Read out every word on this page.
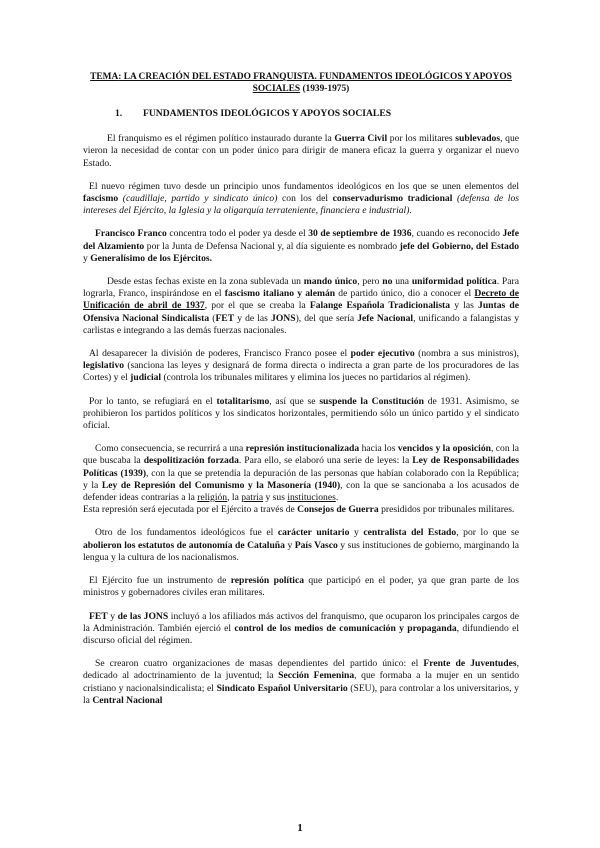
TEMA: LA CREACIÓN DEL ESTADO FRANQUISTA. FUNDAMENTOS IDEOLÓGICOS Y APOYOS SOCIALES (1939-1975)
1. FUNDAMENTOS IDEOLÓGICOS Y APOYOS SOCIALES

El franquismo es el régimen político instaurado durante la Guerra Civil por los militares sublevados, que vieron la necesidad de contar con un poder único para dirigir de manera eficaz la guerra y organizar el nuevo Estado.

El nuevo régimen tuvo desde un principio unos fundamentos ideológicos en los que se unen elementos del fascismo (caudillaje, partido y sindicato único) con los del conservadurismo tradicional (defensa de los intereses del Ejército, la Iglesia y la oligarquía terrateniente, financiera e industrial).

Francisco Franco concentra todo el poder ya desde el 30 de septiembre de 1936, cuando es reconocido Jefe del Alzamiento por la Junta de Defensa Nacional y, al día siguiente es nombrado jefe del Gobierno, del Estado y Generalísimo de los Ejércitos.

Desde estas fechas existe en la zona sublevada un mando único, pero no una uniformidad política. Para lograrla, Franco, inspirándose en el fascismo italiano y alemán de partido único, dio a conocer el Decreto de Unificación de abril de 1937, por el que se creaba la Falange Española Tradicionalista y las Juntas de Ofensiva Nacional Sindicalista (FET y de las JONS), del que sería Jefe Nacional, unificando a falangistas y carlistas e integrando a las demás fuerzas nacionales.

Al desaparecer la división de poderes, Francisco Franco posee el poder ejecutivo (nombra a sus ministros), legislativo (sanciona las leyes y designará de forma directa o indirecta a gran parte de los procuradores de las Cortes) y el judicial (controla los tribunales militares y elimina los jueces no partidarios al régimen).

Por lo tanto, se refugiará en el totalitarismo, así que se suspende la Constitución de 1931. Asimismo, se prohibieron los partidos políticos y los sindicatos horizontales, permitiendo sólo un único partido y el sindicato oficial.

Como consecuencia, se recurrirá a una represión institucionalizada hacia los vencidos y la oposición, con la que buscaba la despolitización forzada. Para ello, se elaboró una serie de leyes: la Ley de Responsabilidades Políticas (1939), con la que se pretendía la depuración de las personas que habían colaborado con la República; y la Ley de Represión del Comunismo y la Masonería (1940), con la que se sancionaba a los acusados de defender ideas contrarias a la religión, la patria y sus instituciones.
Esta represión será ejecutada por el Ejército a través de Consejos de Guerra presididos por tribunales militares.

Otro de los fundamentos ideológicos fue el carácter unitario y centralista del Estado, por lo que se abolieron los estatutos de autonomía de Cataluña y País Vasco y sus instituciones de gobierno, marginando la lengua y la cultura de los nacionalismos.

El Ejército fue un instrumento de represión política que participó en el poder, ya que gran parte de los ministros y gobernadores civiles eran militares.

FET y de las JONS incluyó a los afiliados más activos del franquismo, que ocuparon los principales cargos de la Administración. También ejerció el control de los medios de comunicación y propaganda, difundiendo el discurso oficial del régimen.

Se crearon cuatro organizaciones de masas dependientes del partido único: el Frente de Juventudes, dedicado al adoctrinamiento de la juventud; la Sección Femenina, que formaba a la mujer en un sentido cristiano y nacionalsindicalista; el Sindicato Español Universitario (SEU), para controlar a los universitarios, y la Central Nacional

1
